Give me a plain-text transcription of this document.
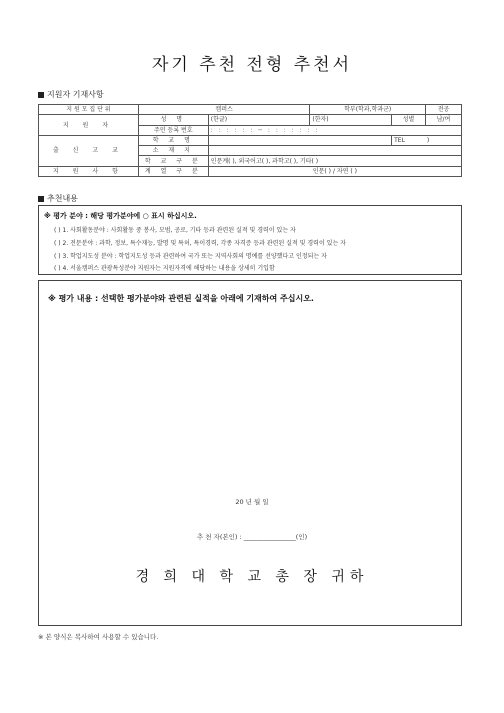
자기 추천 전형 추천서
지원자 기재사항
지 원 모 집 단 위	캠퍼스		학부(학과,학과군)		전공
지 원 자	성 명	(한글)	(한자)	성별	남/여
	주민 등록 번호	: : : : : : ─ : : : : : : :			
출 신 고 교	학 교 명			TEL )	
	소 재 지				
	학 교 구 분	인문계( ), 외국어고( ), 과학고( ), 기타( )			
지 원 사 항	계 열 구 분	인문( ) / 자연 ( )			
추천내용
※ 평가 분야 : 해당 평가분야에 ○ 표시 하십시오.
( ) 1. 사회활동분야 : 사회활동 중 봉사, 모범, 공로, 기타 등과 관련된 실적 및 경력이 있는 자
( ) 2. 전문분야 : 과학, 정보, 특수재능, 발명 및 특허, 특이경력, 각종 자격증 등과 관련된 실적 및 경력이 있는 자
( ) 3. 학업지도성 분야 : 학업지도성 등과 관련하여 국가 또는 지역사회의 명예를 선양했다고 인정되는 자
( ) 4. 서울캠퍼스 관광특성분야 지원자는 지원자격에 해당하는 내용을 상세히 기입함
※ 평가 내용 : 선택한 평가분야와 관련된 실적을 아래에 기재하여 주십시오.
20 년 월 일
추 천 자(본인) : ________________(인)
경 희 대 학 교 총 장 귀하
※ 본 양식은 복사하여 사용할 수 있습니다.
